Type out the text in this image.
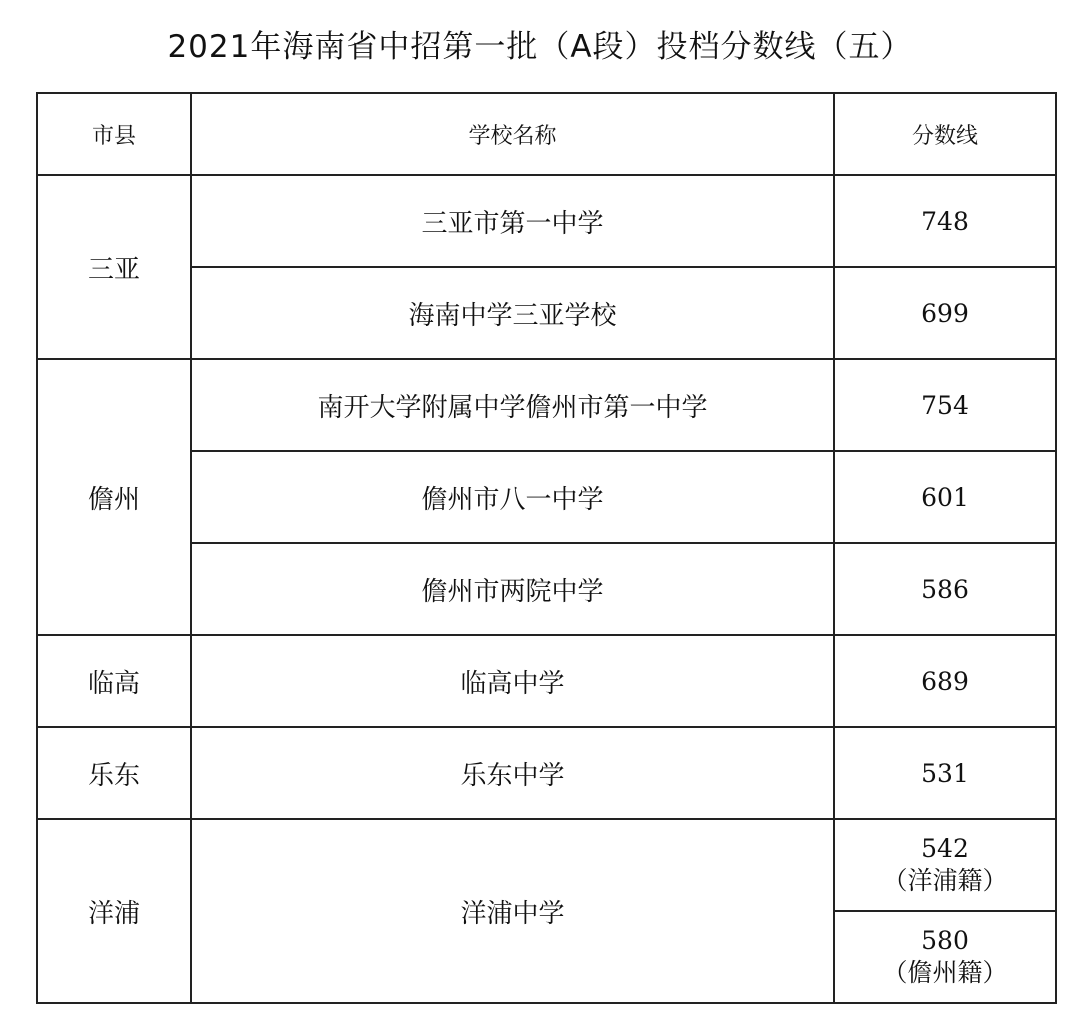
2021年海南省中招第一批（A段）投档分数线（五）
市县	学校名称	分数线
三亚	三亚市第一中学	748
	海南中学三亚学校	699
儋州	南开大学附属中学儋州市第一中学	754
	儋州市八一中学	601
	儋州市两院中学	586
临高	临高中学	689
乐东	乐东中学	531
洋浦	洋浦中学	542
（ 洋浦籍 ）

		580
（ 儋州籍 ）
